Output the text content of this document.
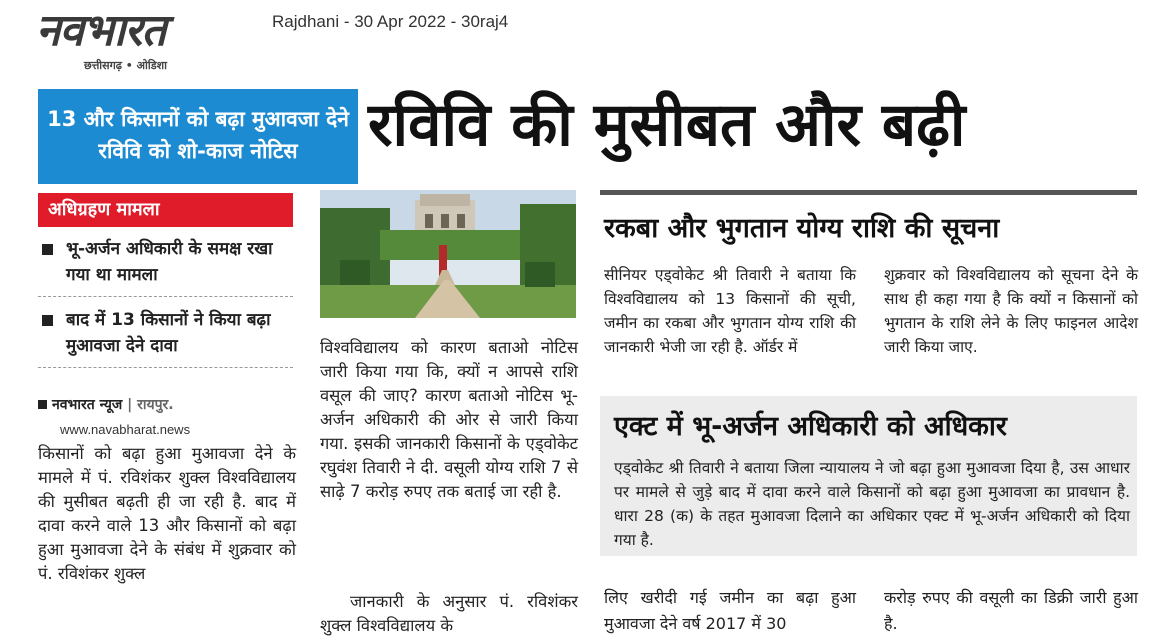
नवभारत
छत्तीसगढ़ • ओडिशा
Rajdhani - 30 Apr 2022 - 30raj4
13 और किसानों को बढ़ा मुआवजा देने रविवि को शो-काज नोटिस	रविवि की मुसीबत और बढ़ी
अधिग्रहण मामला
भू-अर्जन अधिकारी के समक्ष रखा गया था मामला
बाद में 13 किसानों ने किया बढ़ा मुआवजा देने दावा
नवभारत न्यूज | रायपुर.
www.navabharat.news
किसानों को बढ़ा हुआ मुआवजा देने के मामले में पं. रविशंकर शुक्ल विश्वविद्यालय की मुसीबत बढ़ती ही जा रही है. बाद में दावा करने वाले 13 और किसानों को बढ़ा हुआ मुआवजा देने के संबंध में शुक्रवार को पं. रविशंकर शुक्ल
विश्वविद्यालय को कारण बताओ नोटिस जारी किया गया कि, क्यों न आपसे राशि वसूल की जाए? कारण बताओ नोटिस भू-अर्जन अधिकारी की ओर से जारी किया गया. इसकी जानकारी किसानों के एड्वोकेट रघुवंश तिवारी ने दी. वसूली योग्य राशि 7 से साढ़े 7 करोड़ रुपए तक बताई जा रही है.
जानकारी के अनुसार पं. रविशंकर शुक्ल विश्वविद्यालय के
रकबा और भुगतान योग्य राशि की सूचना
सीनियर एड्वोकेट श्री तिवारी ने बताया कि विश्वविद्यालय को 13 किसानों की सूची, जमीन का रकबा और भुगतान योग्य राशि की जानकारी भेजी जा रही है. ऑर्डर में
शुक्रवार को विश्वविद्यालय को सूचना देने के साथ ही कहा गया है कि क्यों न किसानों को भुगतान के राशि लेने के लिए फाइनल आदेश जारी किया जाए.
एक्ट में भू-अर्जन अधिकारी को अधिकार
एड्वोकेट श्री तिवारी ने बताया जिला न्यायालय ने जो बढ़ा हुआ मुआवजा दिया है, उस आधार पर मामले से जुड़े बाद में दावा करने वाले किसानों को बढ़ा हुआ मुआवजा का प्रावधान है. धारा 28 (क) के तहत मुआवजा दिलाने का अधिकार एक्ट में भू-अर्जन अधिकारी को दिया गया है.
लिए खरीदी गई जमीन का बढ़ा हुआ मुआवजा देने वर्ष 2017 में 30
करोड़ रुपए की वसूली का डिक्री जारी हुआ है.
